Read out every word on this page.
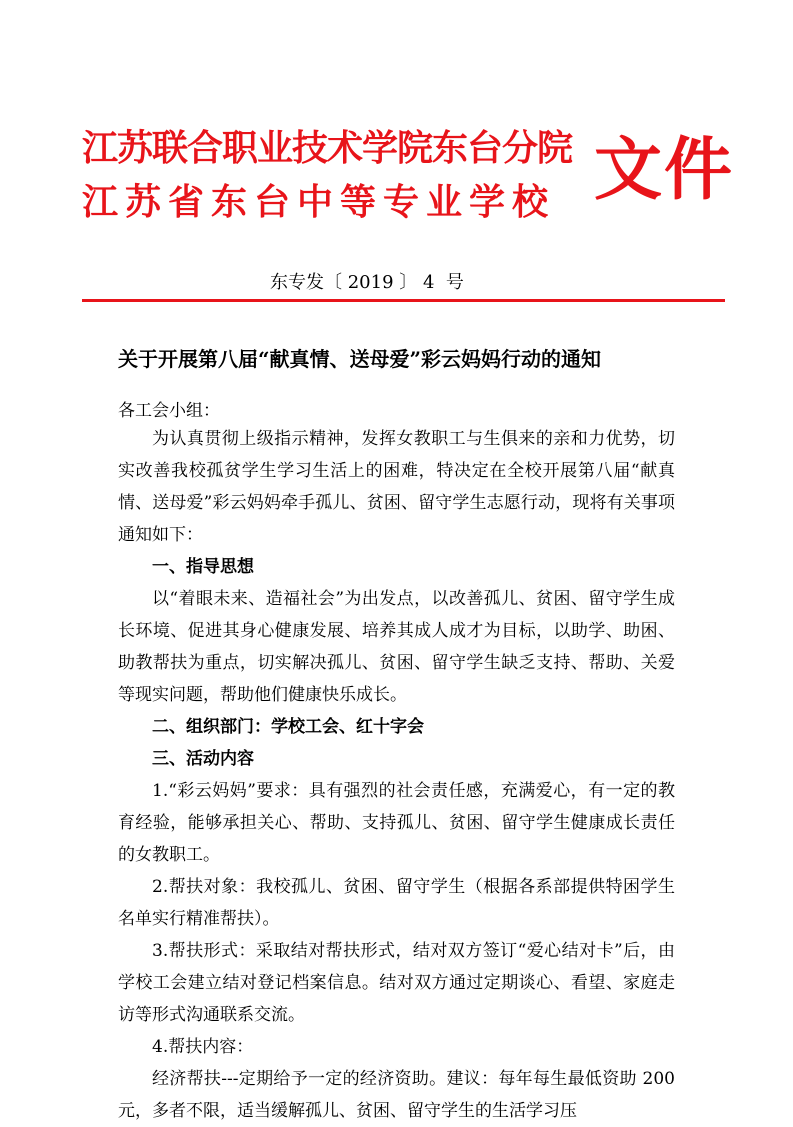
江苏联合职业技术学院东台分院
江苏省东台中等专业学校 文件
东专发〔 2019 〕 4  号
关于开展第八届“献真情、送母爱”彩云妈妈行动的通知
各工会小组：

为认真贯彻上级指示精神，发挥女教职工与生俱来的亲和力优势，切实改善我校孤贫学生学习生活上的困难，特决定在全校开展第八届“献真情、送母爱”彩云妈妈牵手孤儿、贫困、留守学生志愿行动，现将有关事项通知如下：

一、指导思想

以“着眼未来、造福社会”为出发点，以改善孤儿、贫困、留守学生成长环境、促进其身心健康发展、培养其成人成才为目标，以助学、助困、助教帮扶为重点，切实解决孤儿、贫困、留守学生缺乏支持、帮助、关爱等现实问题，帮助他们健康快乐成长。

二、组织部门：学校工会、红十字会

三、活动内容

1.“彩云妈妈”要求：具有强烈的社会责任感，充满爱心，有一定的教育经验，能够承担关心、帮助、支持孤儿、贫困、留守学生健康成长责任的女教职工。

2.帮扶对象：我校孤儿、贫困、留守学生（根据各系部提供特困学生名单实行精准帮扶）。

3.帮扶形式：采取结对帮扶形式，结对双方签订“爱心结对卡”后，由学校工会建立结对登记档案信息。结对双方通过定期谈心、看望、家庭走访等形式沟通联系交流。

4.帮扶内容：

经济帮扶---定期给予一定的经济资助。建议：每年每生最低资助 200 元，多者不限，适当缓解孤儿、贫困、留守学生的生活学习压
